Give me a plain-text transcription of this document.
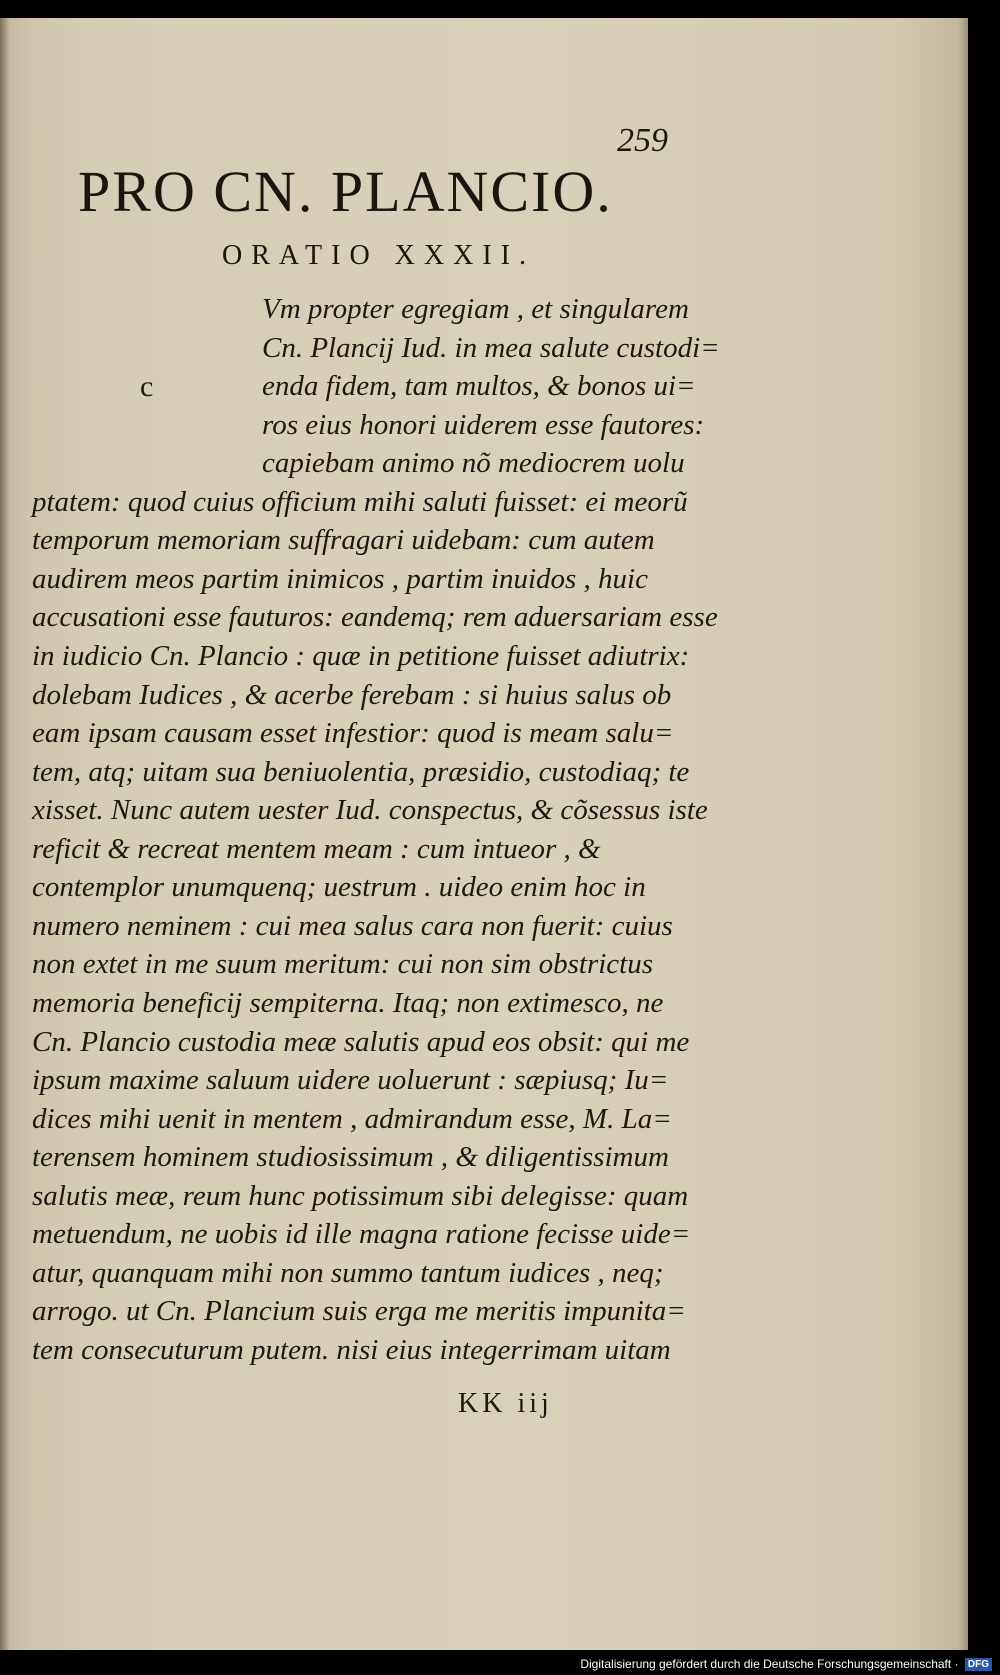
259
PRO CN. PLANCIO.
ORATIO XXXII.
c
Vm propter egregiam , et singularem
Cn. Plancij Iud. in mea salute custodi=
enda fidem, tam multos, & bonos ui=
ros eius honori uiderem esse fautores:
capiebam animo nõ mediocrem uolu
ptatem: quod cuius officium mihi saluti fuisset: ei meorũ
temporum memoriam suffragari uidebam: cum autem
audirem meos partim inimicos , partim inuidos , huic
accusationi esse fauturos: eandemq; rem aduersariam esse
in iudicio Cn. Plancio : quæ in petitione fuisset adiutrix:
dolebam Iudices , & acerbe ferebam : si huius salus ob
eam ipsam causam esset infestior: quod is meam salu=
tem, atq; uitam sua beniuolentia, præsidio, custodiaq; te
xisset. Nunc autem uester Iud. conspectus, & cõsessus iste
reficit & recreat mentem meam : cum intueor , &
contemplor unumquenq; uestrum . uideo enim hoc in
numero neminem : cui mea salus cara non fuerit: cuius
non extet in me suum meritum: cui non sim obstrictus
memoria beneficij sempiterna. Itaq; non extimesco, ne
Cn. Plancio custodia meæ salutis apud eos obsit: qui me
ipsum maxime saluum uidere uoluerunt : sæpiusq; Iu=
dices mihi uenit in mentem , admirandum esse, M. La=
terensem hominem studiosissimum , & diligentissimum
salutis meæ, reum hunc potissimum sibi delegisse: quam
metuendum, ne uobis id ille magna ratione fecisse uide=
atur, quanquam mihi non summo tantum iudices , neq;
arrogo. ut Cn. Plancium suis erga me meritis impunita=
tem consecuturum putem. nisi eius integerrimam uitam
KK iij
Digitalisierung gefördert durch die Deutsche Forschungsgemeinschaft · DFG
